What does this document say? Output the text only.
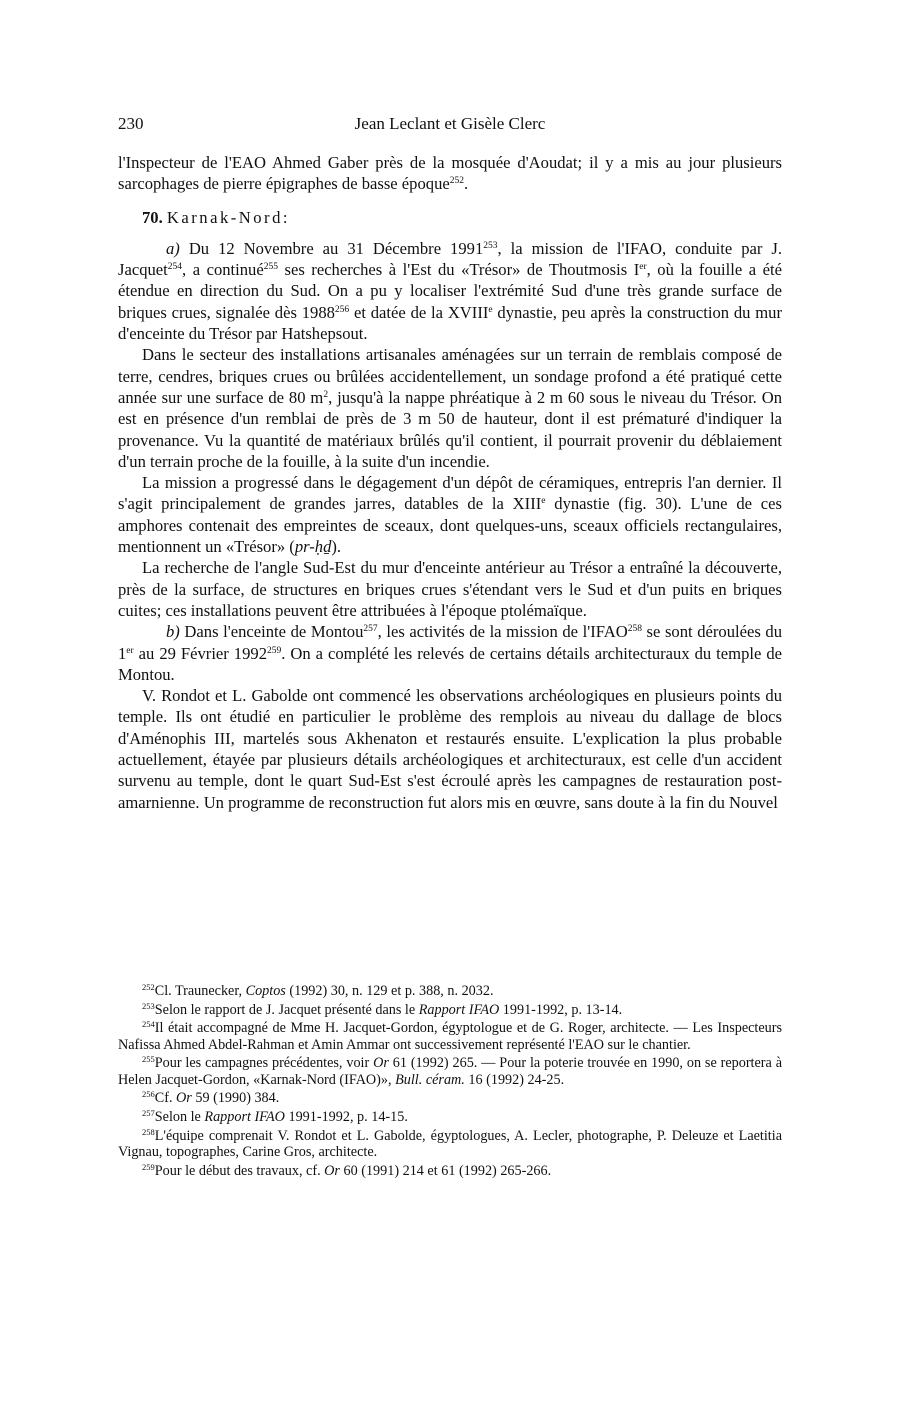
230	Jean Leclant et Gisèle Clerc

l'Inspecteur de l'EAO Ahmed Gaber près de la mosquée d'Aoudat; il y a mis au jour plusieurs sarcophages de pierre épigraphes de basse époque$^{252}$.

70. Karnak-Nord:

a) Du 12 Novembre au 31 Décembre 1991$^{253}$, la mission de l'IFAO, conduite par J. Jacquet$^{254}$, a continué$^{255}$ ses recherches à l'Est du «Trésor» de Thoutmosis Ier, où la fouille a été étendue en direction du Sud. On a pu y localiser l'extrémité Sud d'une très grande surface de briques crues, signalée dès 1988$^{256}$ et datée de la XVIIIe dynastie, peu après la construction du mur d'enceinte du Trésor par Hatshepsout.

Dans le secteur des installations artisanales aménagées sur un terrain de remblais composé de terre, cendres, briques crues ou brûlées accidentellement, un sondage profond a été pratiqué cette année sur une surface de 80 $m^2$, jusqu'à la nappe phréatique à 2 m 60 sous le niveau du Trésor. On est en présence d'un remblai de près de 3 m 50 de hauteur, dont il est prématuré d'indiquer la provenance. Vu la quantité de matériaux brûlés qu'il contient, il pourrait provenir du déblaiement d'un terrain proche de la fouille, à la suite d'un incendie.

La mission a progressé dans le dégagement d'un dépôt de céramiques, entrepris l'an dernier. Il s'agit principalement de grandes jarres, datables de la XIIIe dynastie (fig. 30). L'une de ces amphores contenait des empreintes de sceaux, dont quelques-uns, sceaux officiels rectangulaires, mentionnent un «Trésor» (pr-ḥḏ).

La recherche de l'angle Sud-Est du mur d'enceinte antérieur au Trésor a entraîné la découverte, près de la surface, de structures en briques crues s'étendant vers le Sud et d'un puits en briques cuites; ces installations peuvent être attribuées à l'époque ptolémaïque.

b) Dans l'enceinte de Montou$^{257}$, les activités de la mission de l'IFAO$^{258}$ se sont déroulées du 1er au 29 Février 1992$^{259}$. On a complété les relevés de certains détails architecturaux du temple de Montou.

V. Rondot et L. Gabolde ont commencé les observations archéologiques en plusieurs points du temple. Ils ont étudié en particulier le problème des remplois au niveau du dallage de blocs d'Aménophis III, martelés sous Akhenaton et restaurés ensuite. L'explication la plus probable actuellement, étayée par plusieurs détails archéologiques et architecturaux, est celle d'un accident survenu au temple, dont le quart Sud-Est s'est écroulé après les campagnes de restauration post-amarnienne. Un programme de reconstruction fut alors mis en œuvre, sans doute à la fin du Nouvel

$^{252}$Cl. Traunecker, Coptos (1992) 30, n. 129 et p. 388, n. 2032.

$^{253}$Selon le rapport de J. Jacquet présenté dans le Rapport IFAO 1991-1992, p. 13-14.

$^{254}$Il était accompagné de Mme H. Jacquet-Gordon, égyptologue et de G. Roger, architecte. — Les Inspecteurs Nafissa Ahmed Abdel-Rahman et Amin Ammar ont successivement représenté l'EAO sur le chantier.

$^{255}$Pour les campagnes précédentes, voir Or 61 (1992) 265. — Pour la poterie trouvée en 1990, on se reportera à Helen Jacquet-Gordon, «Karnak-Nord (IFAO)», Bull. céram. 16 (1992) 24-25.

$^{256}$Cf. Or 59 (1990) 384.

$^{257}$Selon le Rapport IFAO 1991-1992, p. 14-15.

$^{258}$L'équipe comprenait V. Rondot et L. Gabolde, égyptologues, A. Lecler, photographe, P. Deleuze et Laetitia Vignau, topographes, Carine Gros, architecte.

$^{259}$Pour le début des travaux, cf. Or 60 (1991) 214 et 61 (1992) 265-266.
